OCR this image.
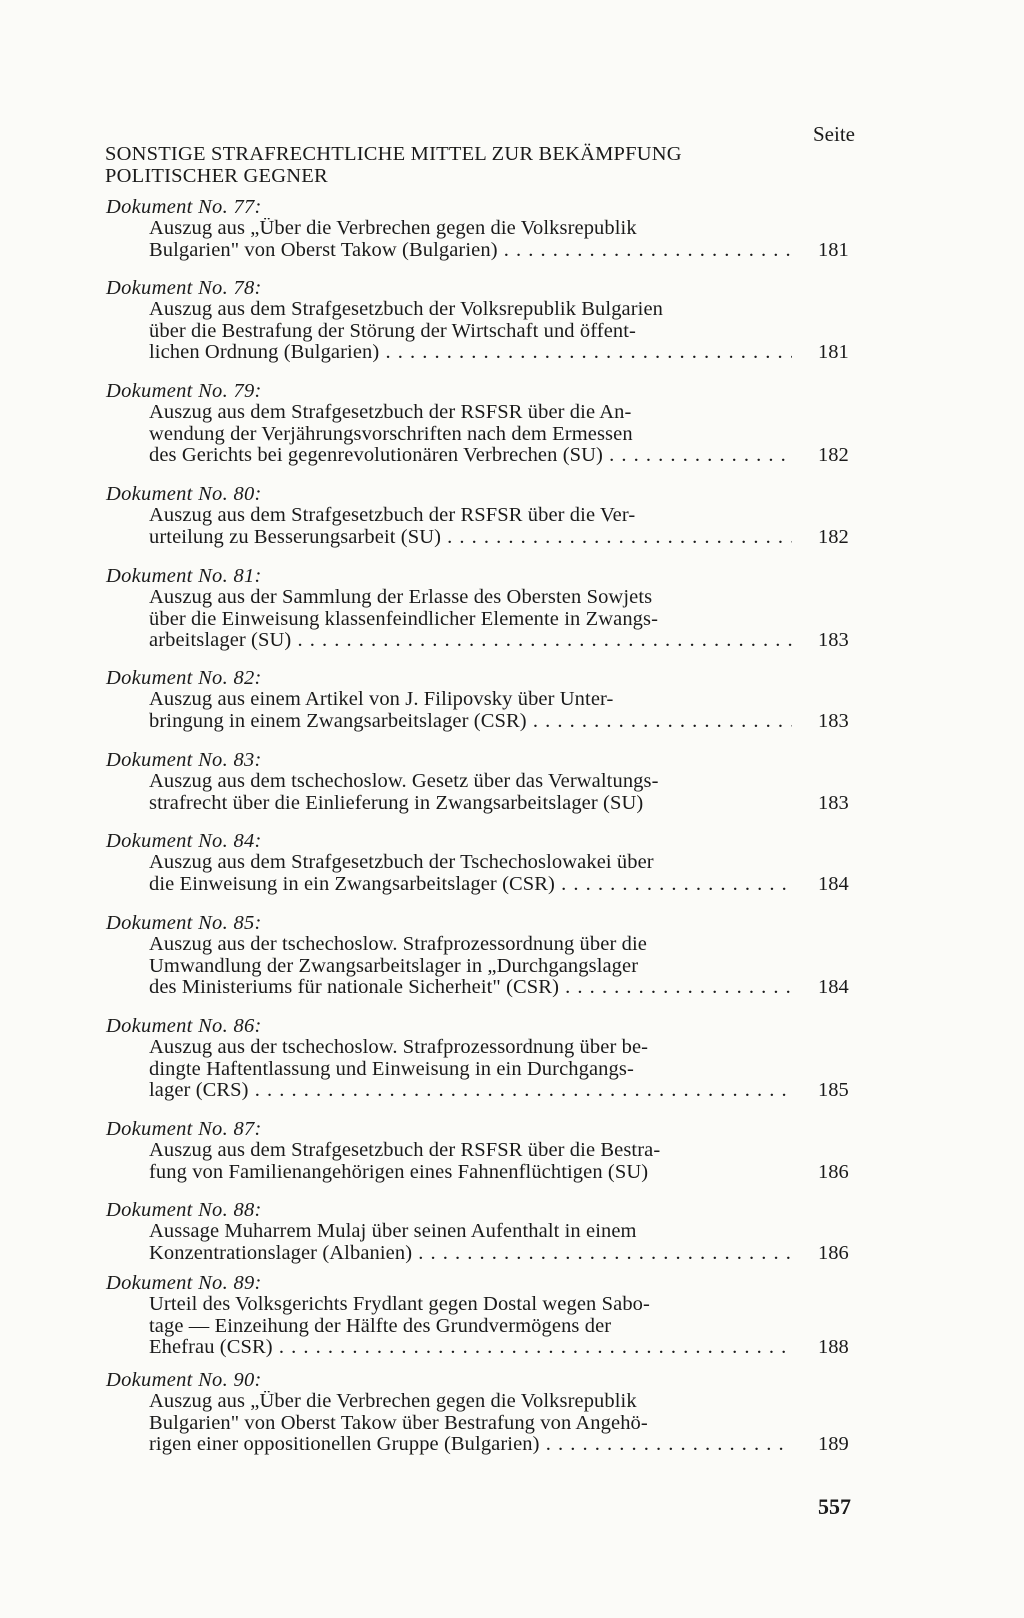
Seite
SONSTIGE STRAFRECHTLICHE MITTEL ZUR BEKÄMPFUNG POLITISCHER GEGNER
Dokument No. 77:
Auszug aus „Über die Verbrechen gegen die Volksrepublik
Bulgarien" von Oberst Takow (Bulgarien) . . .	181
Dokument No. 78:
Auszug aus dem Strafgesetzbuch der Volksrepublik Bulgarien
über die Bestrafung der Störung der Wirtschaft und öffent-
lichen Ordnung (Bulgarien) . . .	181
Dokument No. 79:
Auszug aus dem Strafgesetzbuch der RSFSR über die An-
wendung der Verjährungsvorschriften nach dem Ermessen
des Gerichts bei gegenrevolutionären Verbrechen (SU) . . .	182
Dokument No. 80:
Auszug aus dem Strafgesetzbuch der RSFSR über die Ver-
urteilung zu Besserungsarbeit (SU) . . .	182
Dokument No. 81:
Auszug aus der Sammlung der Erlasse des Obersten Sowjets
über die Einweisung klassenfeindlicher Elemente in Zwangs-
arbeitslager (SU) . . .	183
Dokument No. 82:
Auszug aus einem Artikel von J. Filipovsky über Unter-
bringung in einem Zwangsarbeitslager (CSR) . . .	183
Dokument No. 83:
Auszug aus dem tschechoslow. Gesetz über das Verwaltungs-
strafrecht über die Einlieferung in Zwangsarbeitslager (SU)	183
Dokument No. 84:
Auszug aus dem Strafgesetzbuch der Tschechoslowakei über
die Einweisung in ein Zwangsarbeitslager (CSR) . . .	184
Dokument No. 85:
Auszug aus der tschechoslow. Strafprozessordnung über die
Umwandlung der Zwangsarbeitslager in „Durchgangslager
des Ministeriums für nationale Sicherheit" (CSR) . . .	184
Dokument No. 86:
Auszug aus der tschechoslow. Strafprozessordnung über be-
dingte Haftentlassung und Einweisung in ein Durchgangs-
lager (CRS) . . .	185
Dokument No. 87:
Auszug aus dem Strafgesetzbuch der RSFSR über die Bestra-
fung von Familienangehörigen eines Fahnenflüchtigen (SU)	186
Dokument No. 88:
Aussage Muharrem Mulaj über seinen Aufenthalt in einem
Konzentrationslager (Albanien) . . .	186
Dokument No. 89:
Urteil des Volksgerichts Frydlant gegen Dostal wegen Sabo-
tage — Einzeihung der Hälfte des Grundvermögens der
Ehefrau (CSR) . . .	188
Dokument No. 90:
Auszug aus „Über die Verbrechen gegen die Volksrepublik
Bulgarien" von Oberst Takow über Bestrafung von Angehö-
rigen einer oppositionellen Gruppe (Bulgarien) . . .	189
557
